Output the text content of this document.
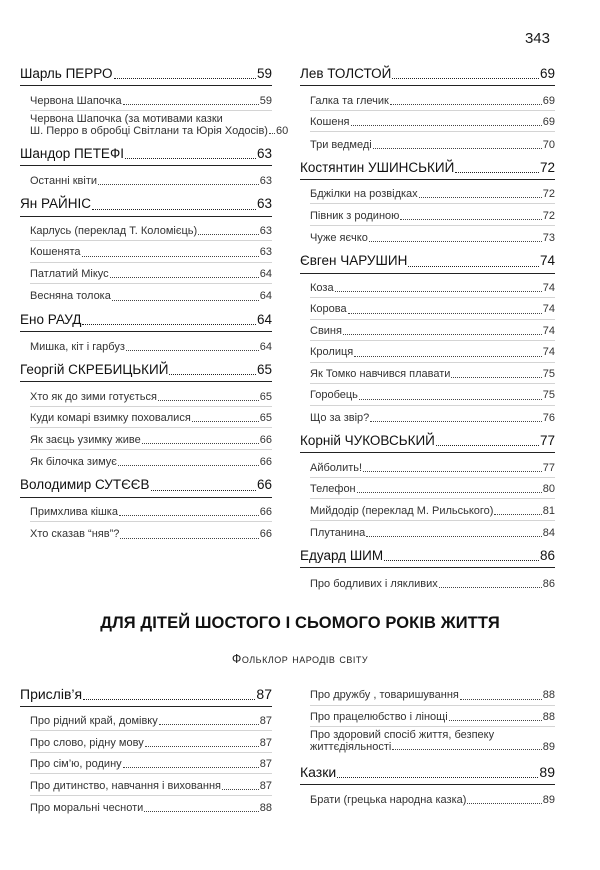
343
Шарль ПЕРРО	59
Червона Шапочка	59
Червона Шапочка (за мотивами казки
Ш. Перро в обробці Світлани та Юрія Ходосів) 60
Шандор ПЕТЕФІ	63
Останні квіти	63
Ян РАЙНІС	63
Карлусь (переклад Т. Коломієць)	63
Кошенята	63
Патлатий Мікус	64
Весняна толока	64
Ено РАУД	64
Мишка, кіт і гарбуз	64
Георгій СКРЕБИЦЬКИЙ	65
Хто як до зими готується	65
Куди комарі взимку поховалися	65
Як заєць узимку живе	66
Як білочка зимує	66
Володимир СУТЄЄВ	66
Примхлива кішка	66
Хто сказав “няв”?	66
Лев ТОЛСТОЙ	69
Галка та глечик	69
Кошеня	69
Три ведмеді	70
Костянтин УШИНСЬКИЙ	72
Бджілки на розвідках	72
Півник з родиною	72
Чуже яєчко	73
Євген ЧАРУШИН	74
Коза	74
Корова	74
Свиня	74
Кролиця	74
Як Томко навчився плавати	75
Горобець	75
Що за звір?	76
Корній ЧУКОВСЬКИЙ	77
Айболить!	77
Телефон	80
Мийдодір (переклад М. Рильського)	81
Плутанина	84
Едуард ШИМ	86
Про бодливих і лякливих	86
ДЛЯ ДІТЕЙ ШОСТОГО І СЬОМОГО РОКІВ ЖИТТЯ
Фольклор народів світу
Прислів’я	87
Про рідний край, домівку	87
Про слово, рідну мову	87
Про сім’ю, родину	87
Про дитинство, навчання і виховання	87
Про моральні чесноти	88
Про дружбу , товаришування	88
Про працелюбство і лінощі	88
Про здоровий спосіб життя, безпеку
життєдіяльності	89
Казки	89
Брати (грецька народна казка)	89
